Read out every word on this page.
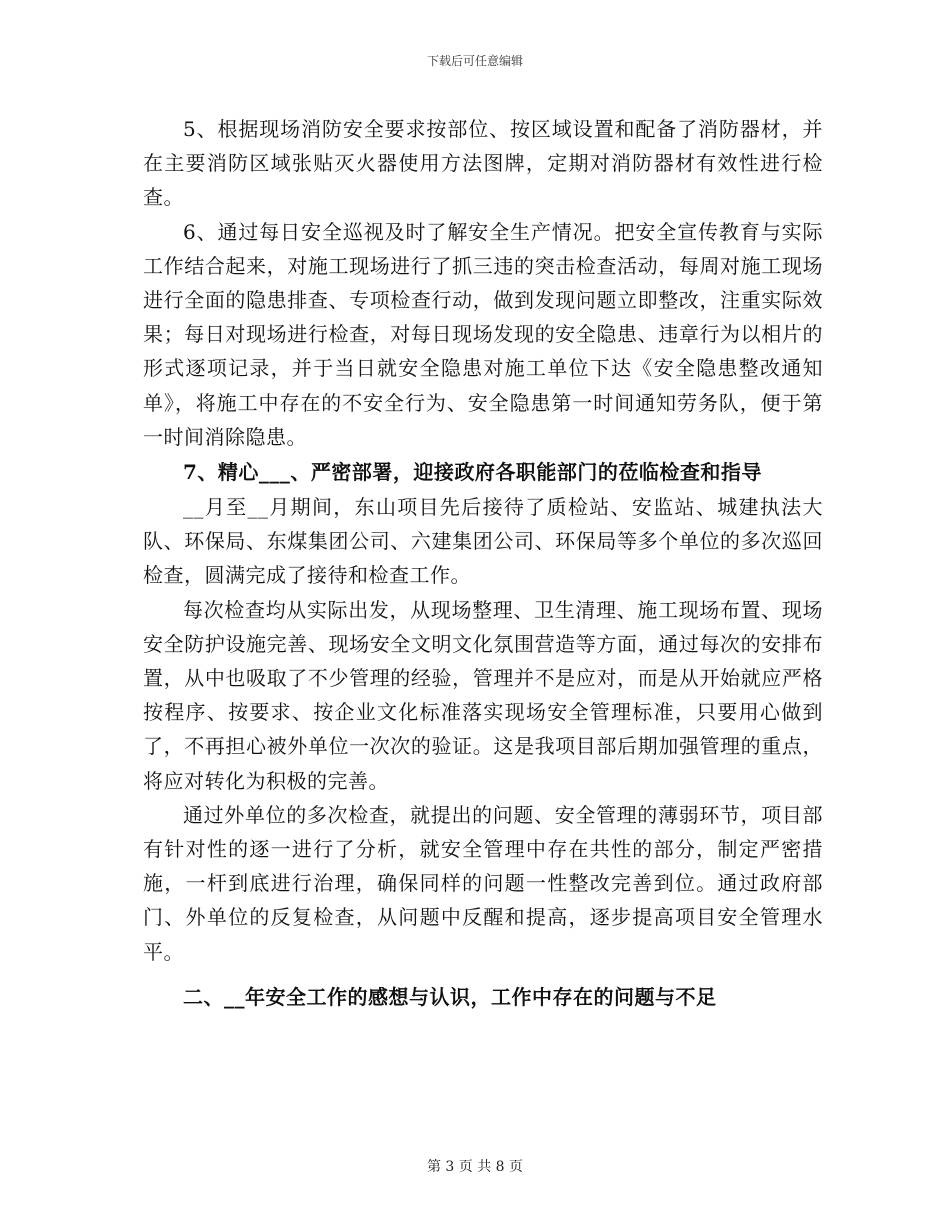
下载后可任意编辑

5、根据现场消防安全要求按部位、按区域设置和配备了消防器材，并在主要消防区域张贴灭火器使用方法图牌，定期对消防器材有效性进行检查。

6、通过每日安全巡视及时了解安全生产情况。把安全宣传教育与实际工作结合起来，对施工现场进行了抓三违的突击检查活动，每周对施工现场进行全面的隐患排查、专项检查行动，做到发现问题立即整改，注重实际效果；每日对现场进行检查，对每日现场发现的安全隐患、违章行为以相片的形式逐项记录，并于当日就安全隐患对施工单位下达《安全隐患整改通知单》，将施工中存在的不安全行为、安全隐患第一时间通知劳务队，便于第一时间消除隐患。

7、精心___、严密部署，迎接政府各职能部门的莅临检查和指导

__月至__月期间，东山项目先后接待了质检站、安监站、城建执法大队、环保局、东煤集团公司、六建集团公司、环保局等多个单位的多次巡回检查，圆满完成了接待和检查工作。

每次检查均从实际出发，从现场整理、卫生清理、施工现场布置、现场安全防护设施完善、现场安全文明文化氛围营造等方面，通过每次的安排布置，从中也吸取了不少管理的经验，管理并不是应对，而是从开始就应严格按程序、按要求、按企业文化标准落实现场安全管理标准，只要用心做到了，不再担心被外单位一次次的验证。这是我项目部后期加强管理的重点，将应对转化为积极的完善。

通过外单位的多次检查，就提出的问题、安全管理的薄弱环节，项目部有针对性的逐一进行了分析，就安全管理中存在共性的部分，制定严密措施，一杆到底进行治理，确保同样的问题一性整改完善到位。通过政府部门、外单位的反复检查，从问题中反醒和提高，逐步提高项目安全管理水平。

二、__年安全工作的感想与认识，工作中存在的问题与不足

第 3 页 共 8 页
